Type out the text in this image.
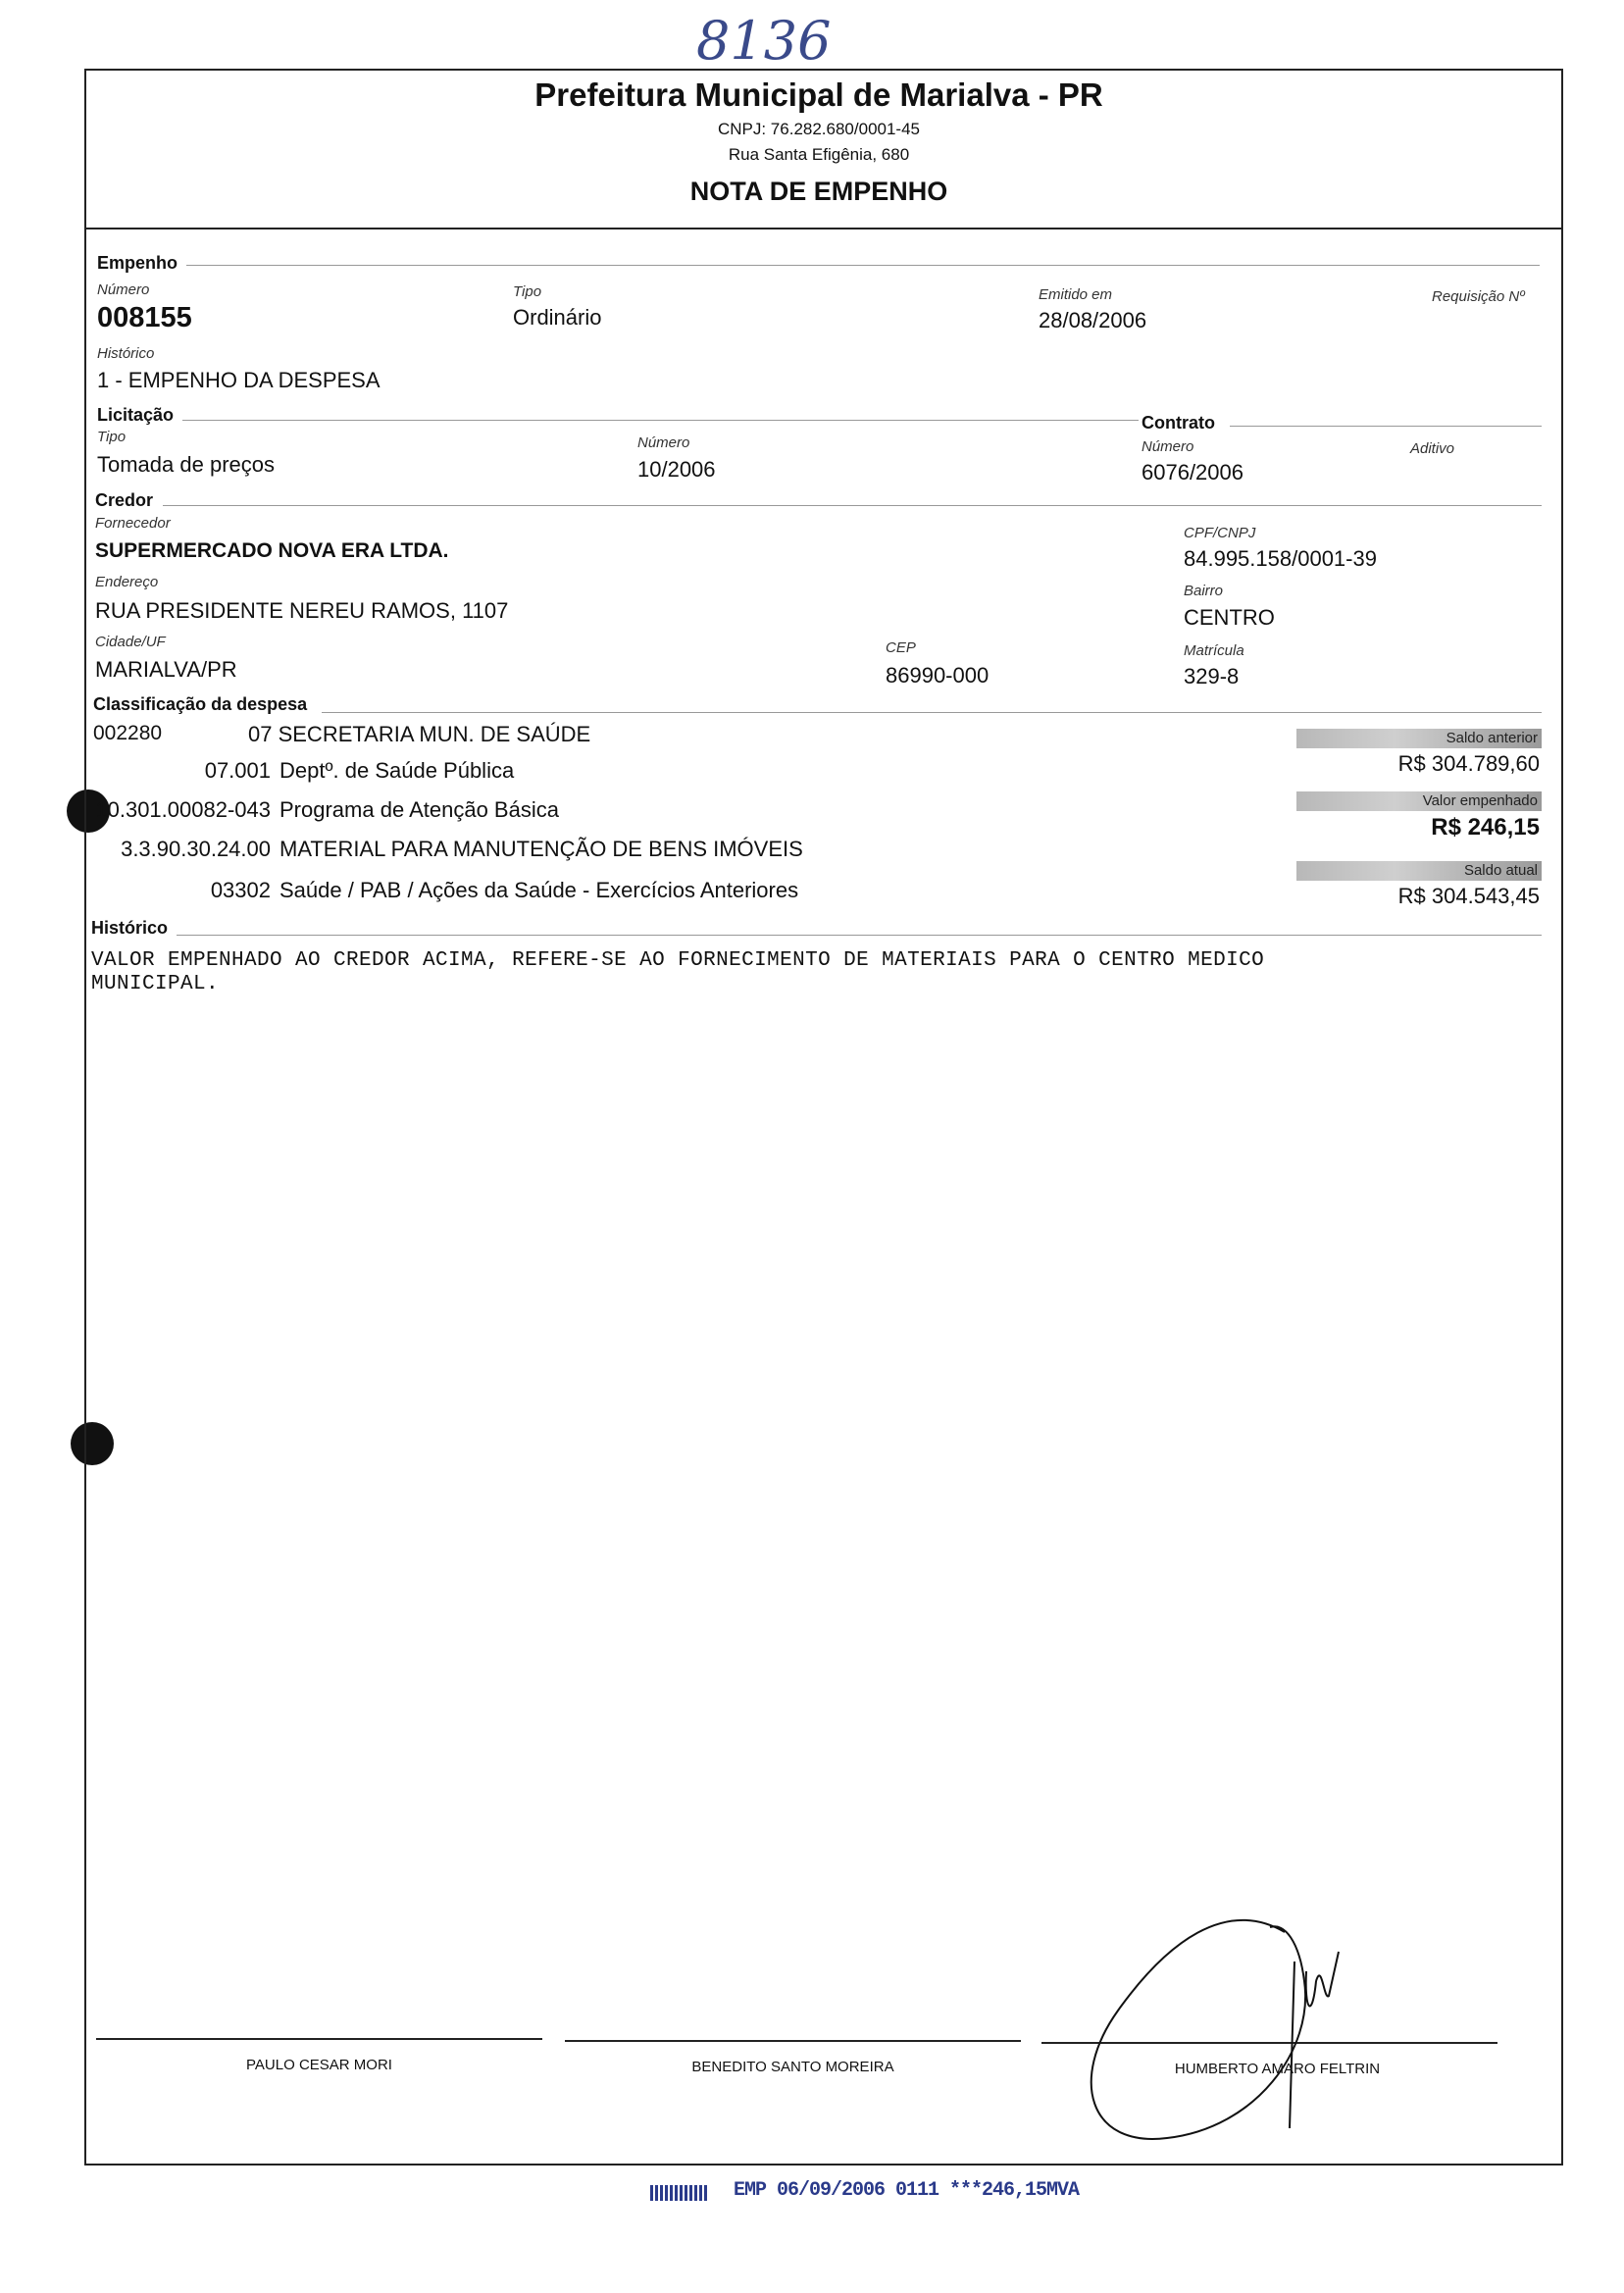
8136
Prefeitura Municipal de Marialva - PR
CNPJ: 76.282.680/0001-45
Rua Santa Efigênia, 680
NOTA DE EMPENHO
Empenho
Número
008155
Tipo
Ordinário
Emitido em
28/08/2006
Requisição Nº
Histórico
1 - EMPENHO DA DESPESA
Licitação
Tipo
Tomada de preços
Número
10/2006
Contrato
Número
6076/2006
Aditivo
Credor
Fornecedor
SUPERMERCADO NOVA ERA LTDA.
CPF/CNPJ
84.995.158/0001-39
Endereço
RUA PRESIDENTE NEREU RAMOS, 1107
Bairro
CENTRO
Cidade/UF
MARIALVA/PR
CEP
86990-000
Matrícula
329-8
Classificação da despesa
002280	07 SECRETARIA MUN. DE SAÚDE
07.001 Deptº. de Saúde Pública
10.301.00082-043 Programa de Atenção Básica
3.3.90.30.24.00 MATERIAL PARA MANUTENÇÃO DE BENS IMÓVEIS
03302 Saúde / PAB / Ações da Saúde - Exercícios Anteriores
Saldo anterior
R$ 304.789,60
Valor empenhado
R$ 246,15
Saldo atual
R$ 304.543,45
Histórico
VALOR EMPENHADO AO CREDOR ACIMA, REFERE-SE AO FORNECIMENTO DE MATERIAIS PARA O CENTRO MEDICO
MUNICIPAL.
PAULO CESAR MORI	BENEDITO SANTO MOREIRA	HUMBERTO AMARO FELTRIN
EMP 06/09/2006 0111 ***246,15MVA
